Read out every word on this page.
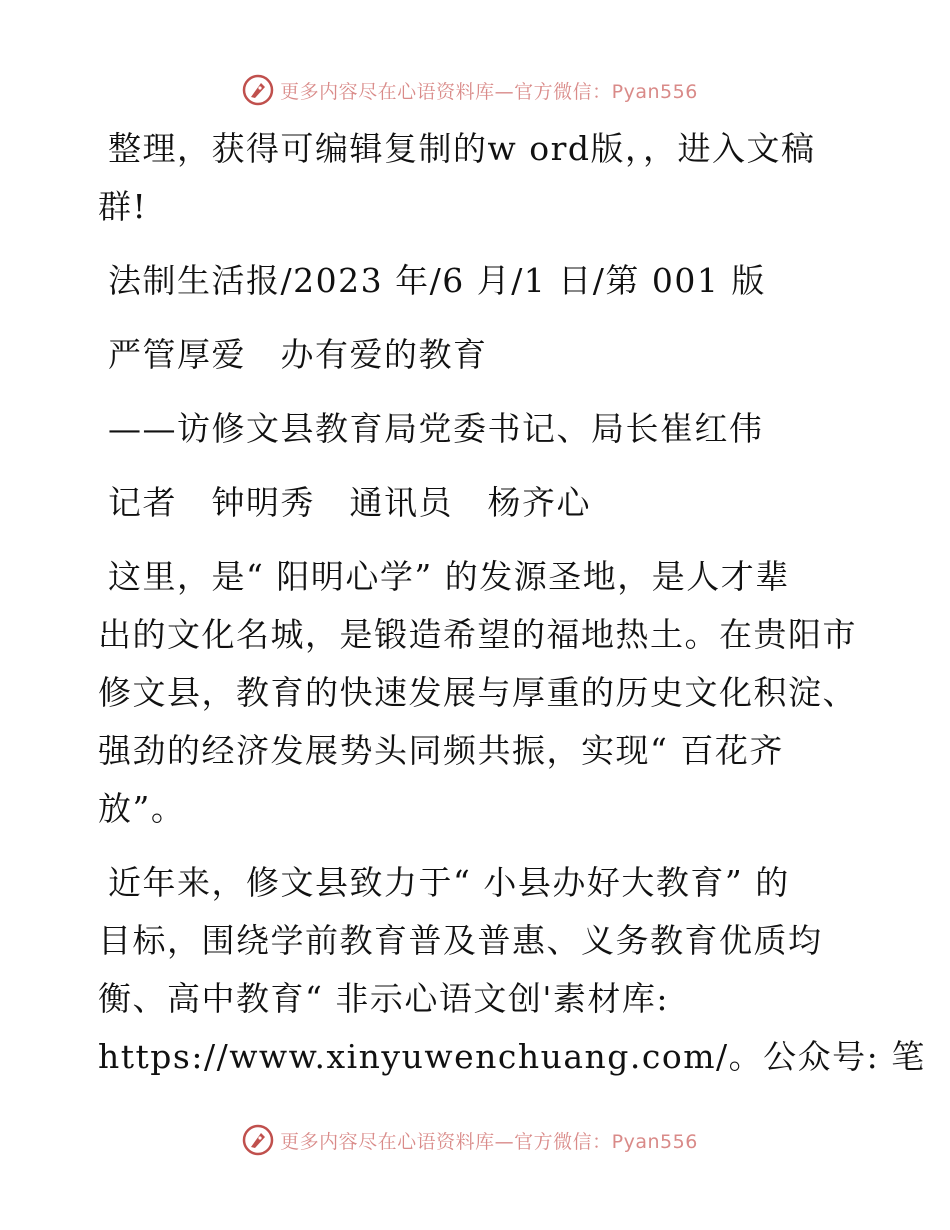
更多内容尽在心语资料库—官方微信：Pyan556

整理，获得可编辑复制的w ord版，，进入文稿
群!

法制生活报/2023 年/6 月/1 日/第 001 版

严管厚爱　办有爱的教育

——访修文县教育局党委书记、局长崔红伟

记者　钟明秀　通讯员　杨齐心

这里，是“ 阳明心学” 的发源圣地，是人才辈
出的文化名城，是锻造希望的福地热土。在贵阳市
修文县，教育的快速发展与厚重的历史文化积淀、
强劲的经济发展势头同频共振，实现“ 百花齐
放”。

近年来，修文县致力于“ 小县办好大教育” 的
目标，围绕学前教育普及普惠、义务教育优质均
衡、高中教育“ 非示心语文创'素材库:
https://www.xinyuwenchuang.com/。公众号: 笔

更多内容尽在心语资料库—官方微信：Pyan556
